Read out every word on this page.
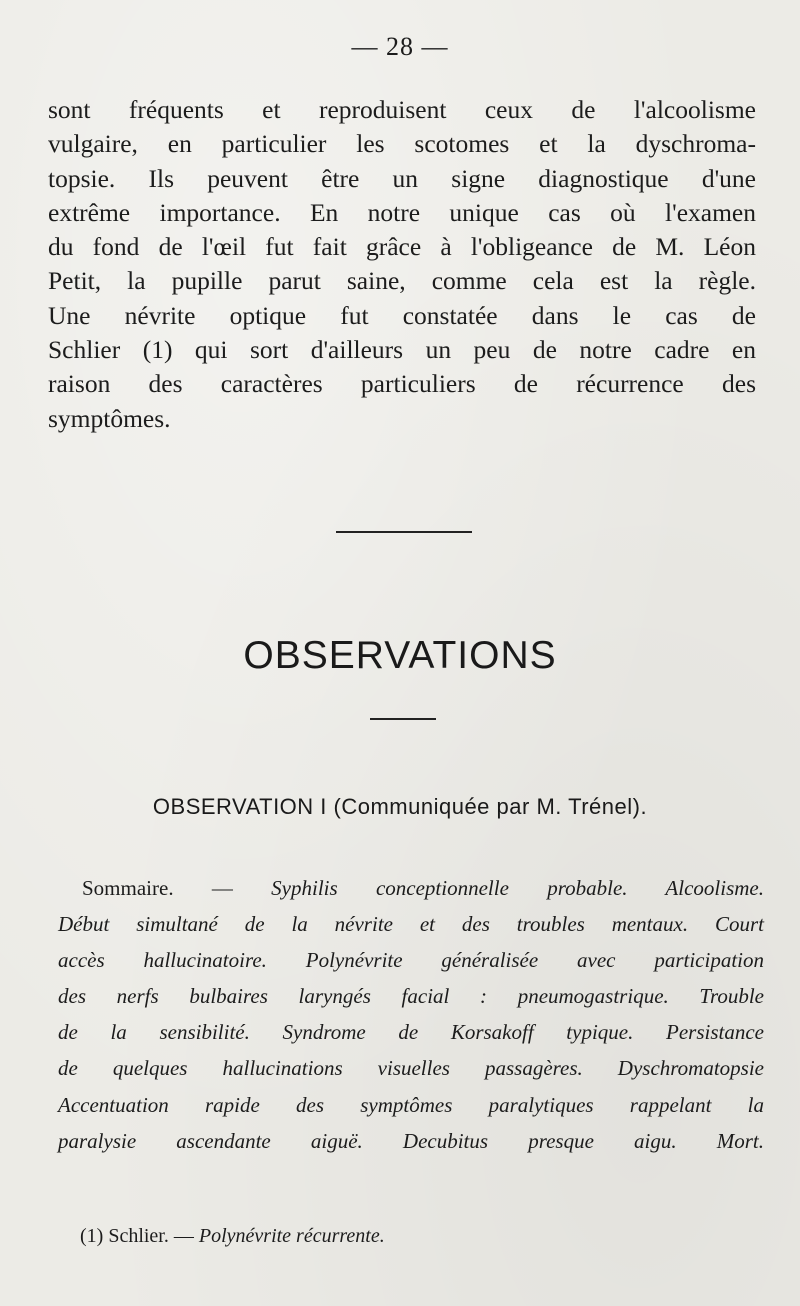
— 28 —
sont fréquents et reproduisent ceux de l'alcoolisme
vulgaire, en particulier les scotomes et la dyschroma-
topsie. Ils peuvent être un signe diagnostique d'une
extrême importance. En notre unique cas où l'examen
du fond de l'œil fut fait grâce à l'obligeance de M. Léon
Petit, la pupille parut saine, comme cela est la règle.
Une névrite optique fut constatée dans le cas de
Schlier (1) qui sort d'ailleurs un peu de notre cadre en
raison des caractères particuliers de récurrence des
symptômes.
OBSERVATIONS
OBSERVATION I (Communiquée par M. Trénel).
Sommaire. — Syphilis conceptionnelle probable. Alcoolisme.
Début simultané de la névrite et des troubles mentaux. Court
accès hallucinatoire. Polynévrite généralisée avec participation
des nerfs bulbaires laryngés facial : pneumogastrique. Trouble
de la sensibilité. Syndrome de Korsakoff typique. Persistance
de quelques hallucinations visuelles passagères. Dyschromatopsie
Accentuation rapide des symptômes paralytiques rappelant la
paralysie ascendante aiguë. Decubitus presque aigu. Mort.
(1) Schlier. — Polynévrite récurrente.
